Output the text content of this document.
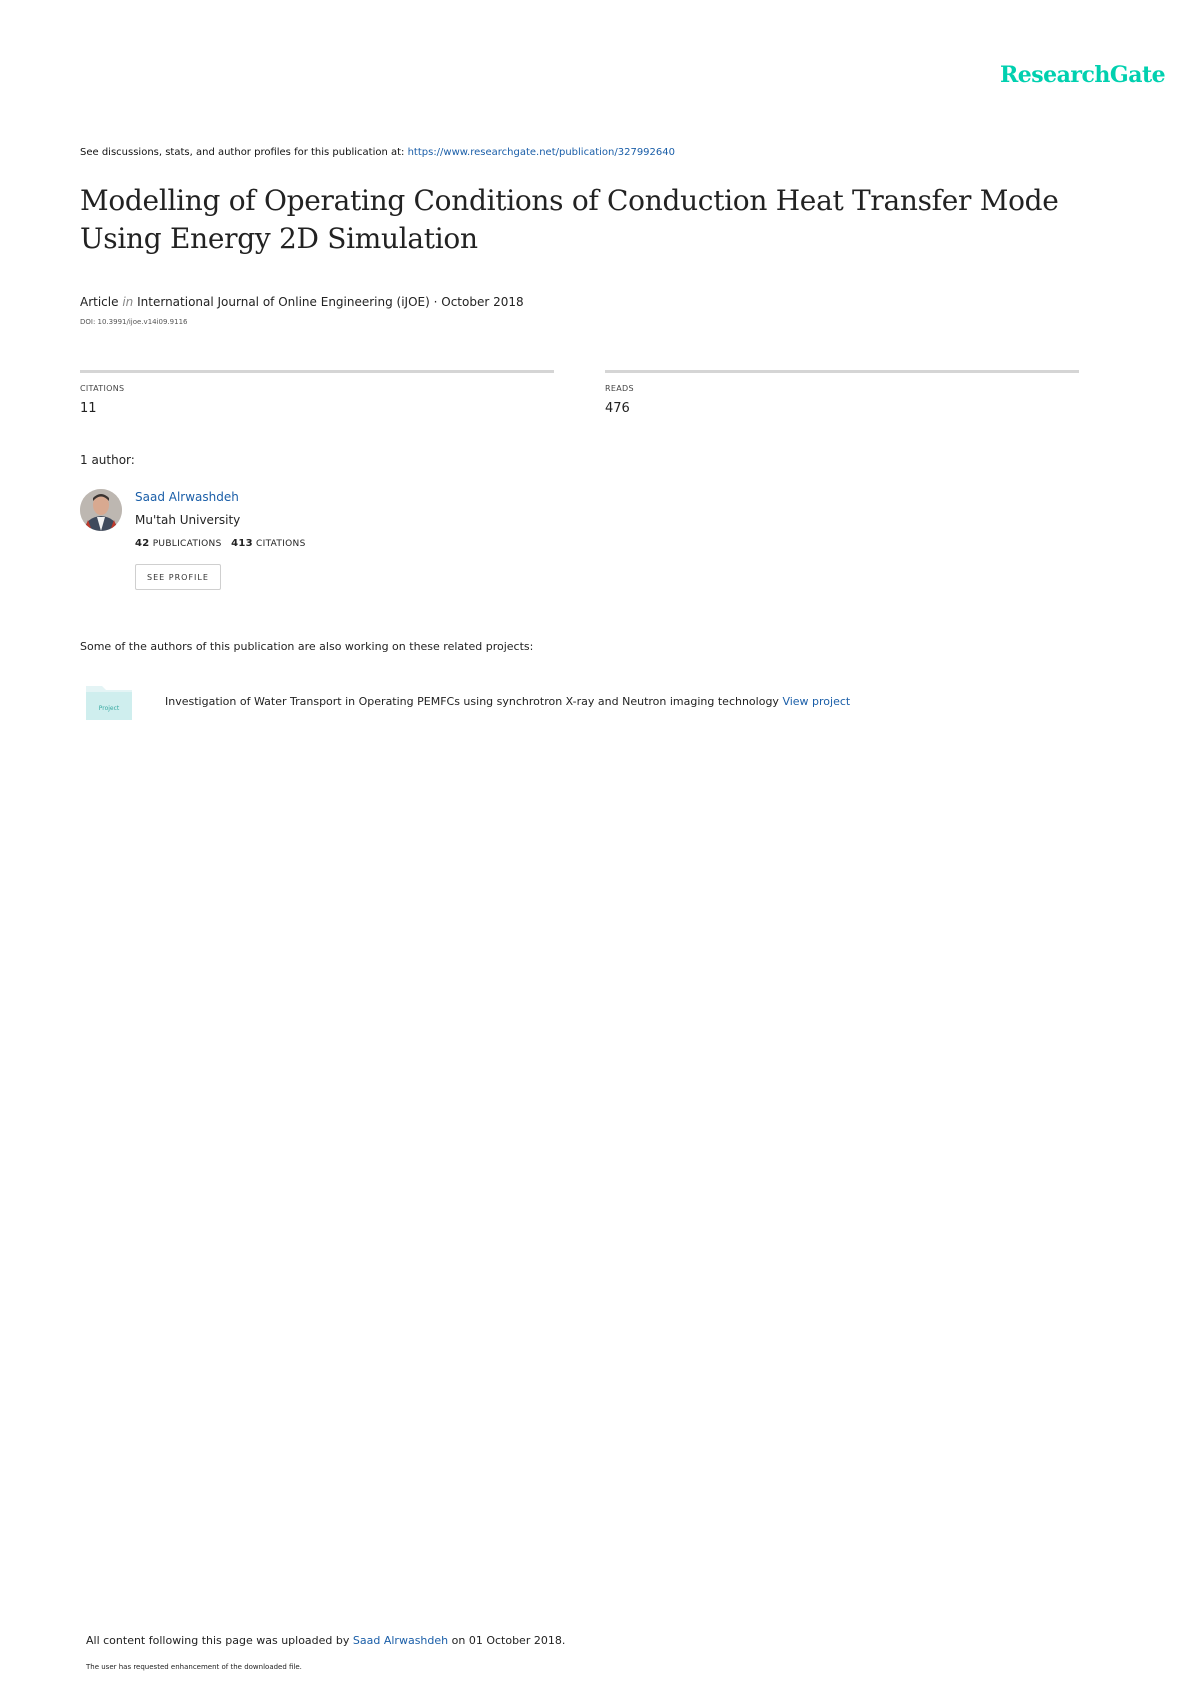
ResearchGate
See discussions, stats, and author profiles for this publication at: https://www.researchgate.net/publication/327992640
Modelling of Operating Conditions of Conduction Heat Transfer Mode Using Energy 2D Simulation
Article in International Journal of Online Engineering (iJOE) · October 2018
DOI: 10.3991/ijoe.v14i09.9116
CITATIONS
11
READS
476
1 author:
Saad Alrwashdeh
Mu'tah University
42 PUBLICATIONS 413 CITATIONS
SEE PROFILE
Some of the authors of this publication are also working on these related projects:
Project
Investigation of Water Transport in Operating PEMFCs using synchrotron X-ray and Neutron imaging technology View project
All content following this page was uploaded by Saad Alrwashdeh on 01 October 2018.
The user has requested enhancement of the downloaded file.
